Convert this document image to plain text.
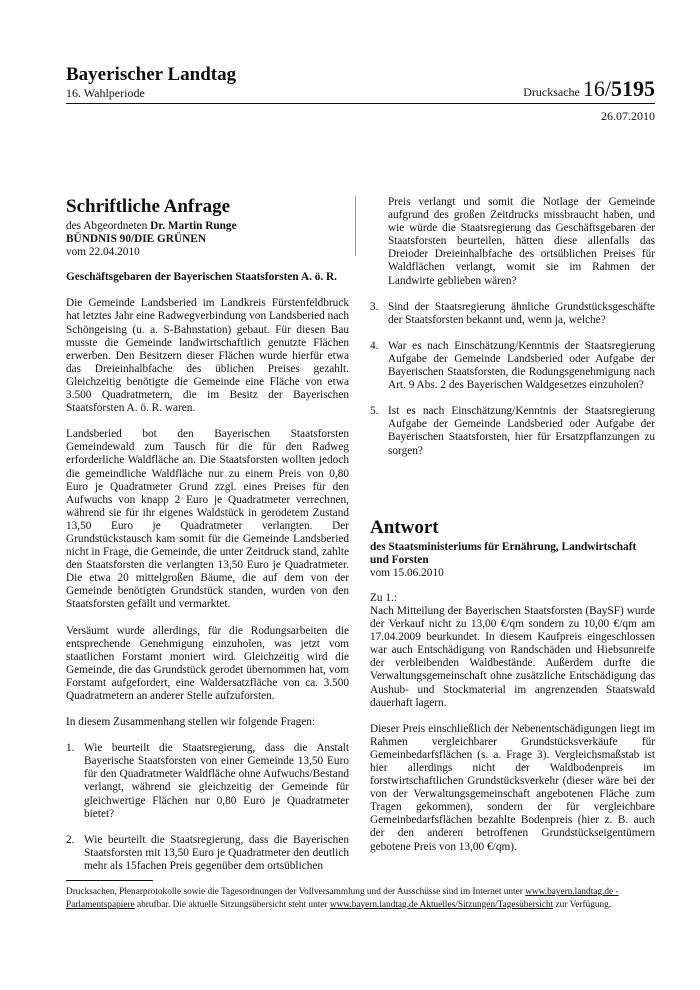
Bayerischer Landtag
16. Wahlperiode	Drucksache 16/5195
26.07.2010
Schriftliche Anfrage
des Abgeordneten Dr. Martin Runge
BÜNDNIS 90/DIE GRÜNEN
vom 22.04.2010
Geschäftsgebaren der Bayerischen Staatsforsten A. ö. R.
Die Gemeinde Landsberied im Landkreis Fürstenfeldbruck hat letztes Jahr eine Radwegverbindung von Landsberied nach Schöngeising (u. a. S-Bahnstation) gebaut. Für diesen Bau musste die Gemeinde landwirtschaftlich genutzte Flächen erwerben. Den Besitzern dieser Flächen wurde hierfür etwa das Dreieinhalbfache des üblichen Preises gezahlt. Gleichzeitig benötigte die Gemeinde eine Fläche von etwa 3.500 Quadratmetern, die im Besitz der Bayerischen Staatsforsten A. ö. R. waren.
Landsberied bot den Bayerischen Staatsforsten Gemeindewald zum Tausch für die für den Radweg erforderliche Waldfläche an. Die Staatsforsten wollten jedoch die gemeindliche Waldfläche nur zu einem Preis von 0,80 Euro je Quadratmeter Grund zzgl. eines Preises für den Aufwuchs von knapp 2 Euro je Quadratmeter verrechnen, während sie für ihr eigenes Waldstück in gerodetem Zustand 13,50 Euro je Quadratmeter verlangten. Der Grundstückstausch kam somit für die Gemeinde Landsberied nicht in Frage, die Gemeinde, die unter Zeitdruck stand, zahlte den Staatsforsten die verlangten 13,50 Euro je Quadratmeter. Die etwa 20 mittelgroßen Bäume, die auf dem von der Gemeinde benötigten Grundstück standen, wurden von den Staatsforsten gefällt und vermarktet.
Versäumt wurde allerdings, für die Rodungsarbeiten die entsprechende Genehmigung einzuholen, was jetzt vom staatlichen Forstamt moniert wird. Gleichzeitig wird die Gemeinde, die das Grundstück gerodet übernommen hat, vom Forstamt aufgefordert, eine Waldersatzfläche von ca. 3.500 Quadratmetern an anderer Stelle aufzuforsten.
In diesem Zusammenhang stellen wir folgende Fragen:
1. Wie beurteilt die Staatsregierung, dass die Anstalt Bayerische Staatsforsten von einer Gemeinde 13,50 Euro für den Quadratmeter Waldfläche ohne Aufwuchs/Bestand verlangt, während sie gleichzeitig der Gemeinde für gleichwertige Flächen nur 0,80 Euro je Quadratmeter bietet?
2. Wie beurteilt die Staatsregierung, dass die Bayerischen Staatsforsten mit 13,50 Euro je Quadratmeter den deutlich mehr als 15fachen Preis gegenüber dem ortsüblichen
Preis verlangt und somit die Notlage der Gemeinde aufgrund des großen Zeitdrucks missbraucht haben, und wie würde die Staatsregierung das Geschäftsgebaren der Staatsforsten beurteilen, hätten diese allenfalls das Dreioder Dreieinhalbfache des ortsüblichen Preises für Waldflächen verlangt, womit sie im Rahmen der Landwirte geblieben wären?
3. Sind der Staatsregierung ähnliche Grundstücksgeschäfte der Staatsforsten bekannt und, wenn ja, welche?
4. War es nach Einschätzung/Kenntnis der Staatsregierung Aufgabe der Gemeinde Landsberied oder Aufgabe der Bayerischen Staatsforsten, die Rodungsgenehmigung nach Art. 9 Abs. 2 des Bayerischen Waldgesetzes einzuholen?
5. Ist es nach Einschätzung/Kenntnis der Staatsregierung Aufgabe der Gemeinde Landsberied oder Aufgabe der Bayerischen Staatsforsten, hier für Ersatzpflanzungen zu sorgen?
Antwort
des Staatsministeriums für Ernährung, Landwirtschaft und Forsten
vom 15.06.2010
Zu 1.:
Nach Mitteilung der Bayerischen Staatsforsten (BaySF) wurde der Verkauf nicht zu 13,00 €/qm sondern zu 10,00 €/qm am 17.04.2009 beurkundet. In diesem Kaufpreis eingeschlossen war auch Entschädigung von Randschäden und Hiebsunreife der verbleibenden Waldbestände. Außerdem durfte die Verwaltungsgemeinschaft ohne zusätzliche Entschädigung das Aushub- und Stockmaterial im angrenzenden Staatswald dauerhaft lagern.
Dieser Preis einschließlich der Nebenentschädigungen liegt im Rahmen vergleichbarer Grundstücksverkäufe für Gemeinbedarfsflächen (s. a. Frage 3). Vergleichsmaßstab ist hier allerdings nicht der Waldbodenpreis im forstwirtschaftlichen Grundstücksverkehr (dieser wäre bei der von der Verwaltungsgemeinschaft angebotenen Fläche zum Tragen gekommen), sondern der für vergleichbare Gemeinbedarfsflächen bezahlte Bodenpreis (hier z. B. auch der den anderen betroffenen Grundstückseigentümern gebotene Preis von 13,00 €/qm).
Drucksachen, Plenarprotokolle sowie die Tagesordnungen der Vollversammlung und der Ausschüsse sind im Internet unter www.bayern.landtag.de -
Parlamentspapiere abrufbar. Die aktuelle Sitzungsübersicht steht unter www.bayern.landtag.de Aktuelles/Sitzungen/Tagesübersicht zur Verfügung.
